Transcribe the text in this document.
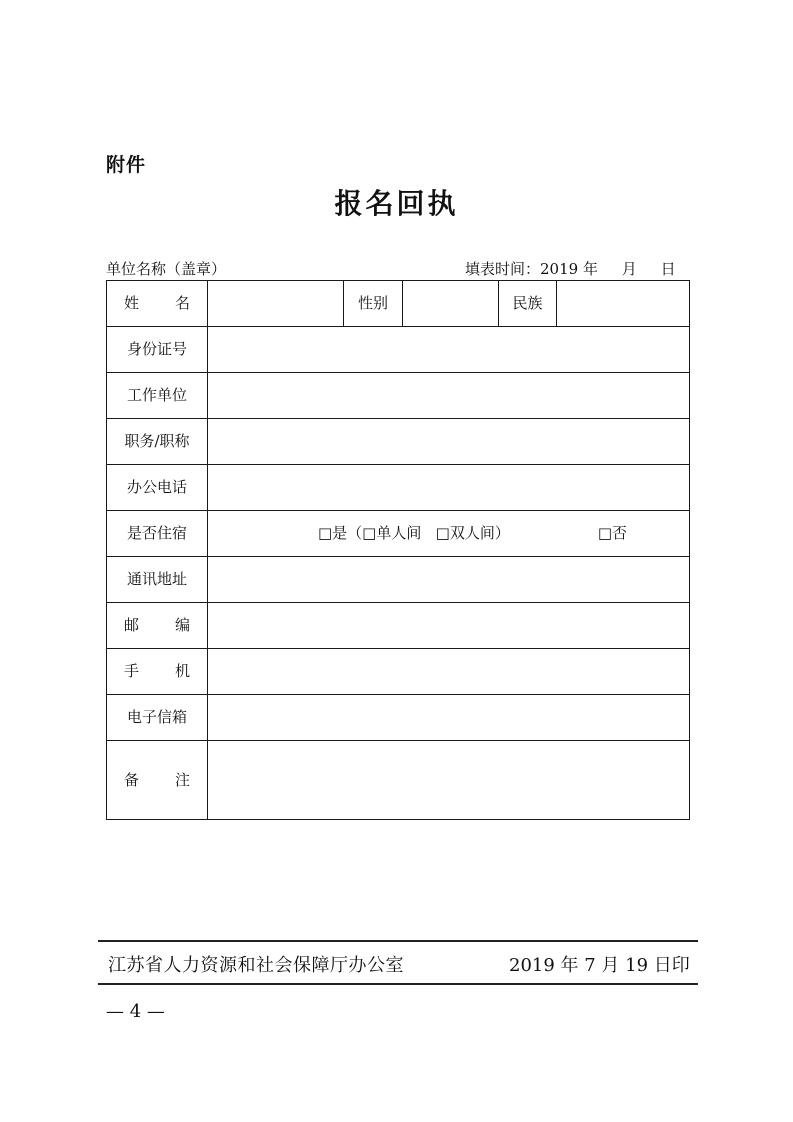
附件
报名回执
单位名称（盖章）	填表时间：2019 年     月     日
姓 名		性别		民族	
身份证号					
工作单位					
职务/职称					
办公电话					
是否住宿	□是（□单人间   □双人间） □否				
通讯地址					

邮 编					

手 机					

电子信箱					

备 注					

江苏省人力资源和社会保障厅办公室	2019 年 7 月 19 日印
— 4 —
